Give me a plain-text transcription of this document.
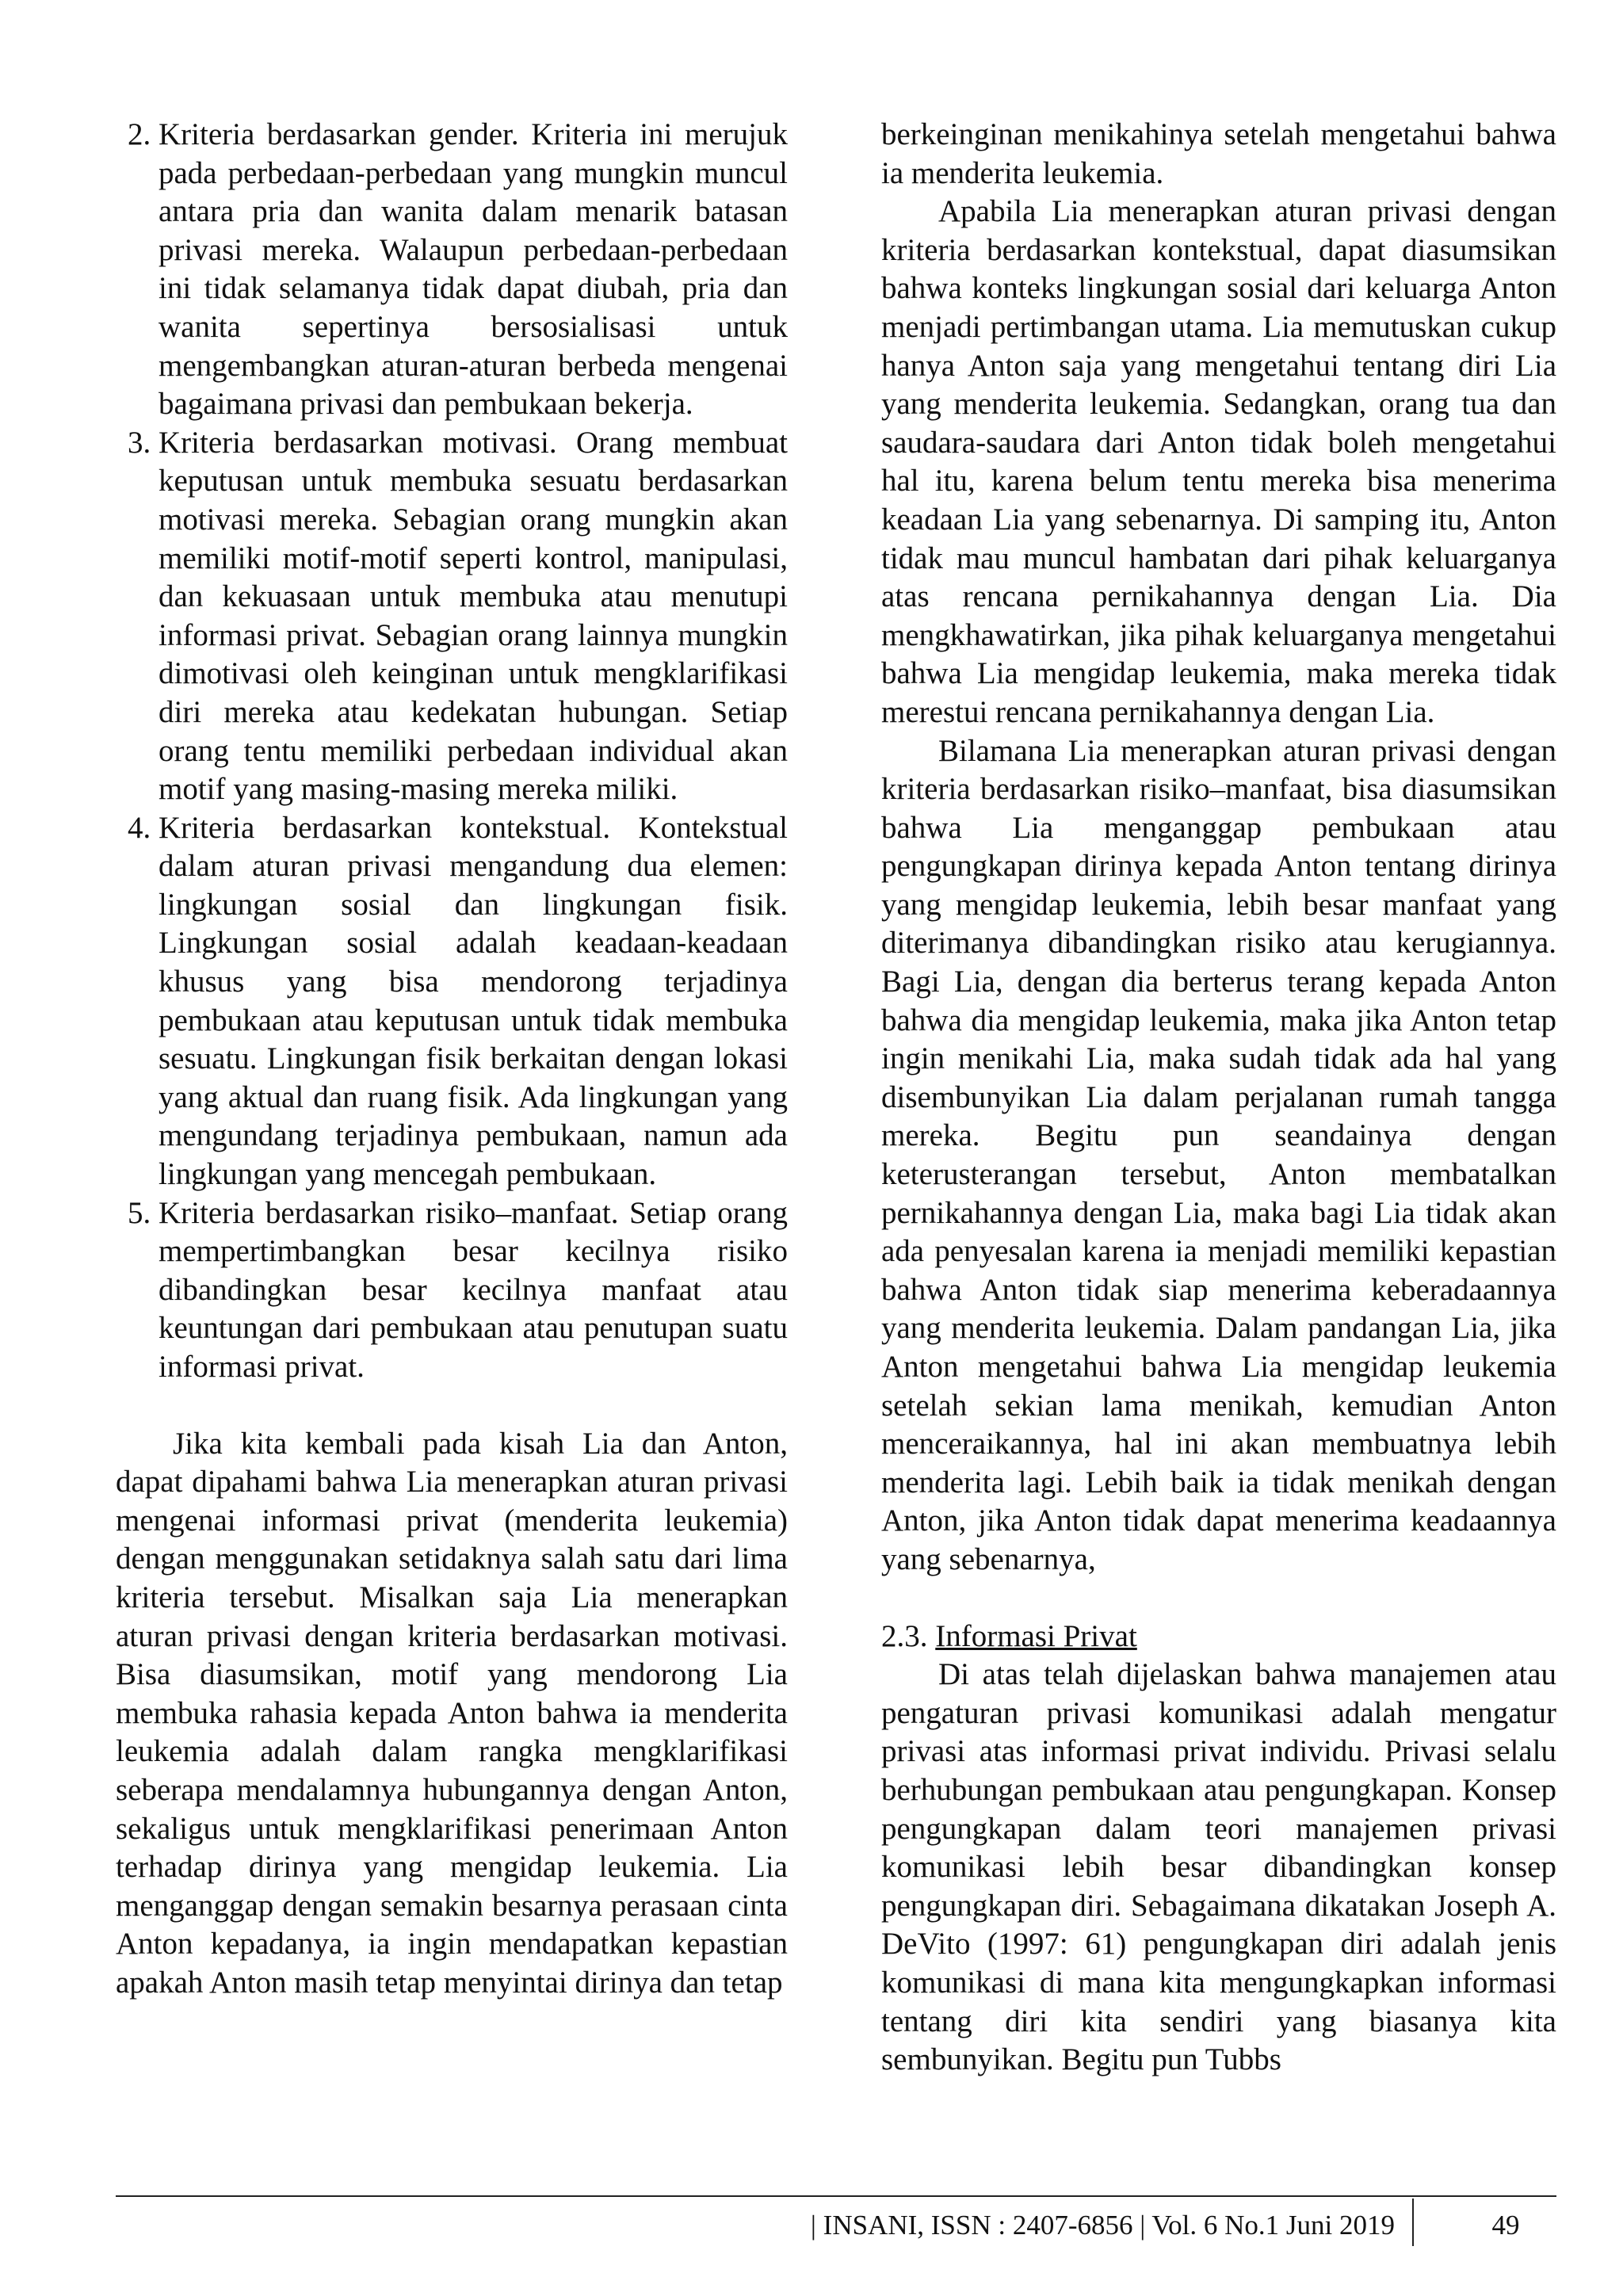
2. Kriteria berdasarkan gender. Kriteria ini merujuk pada perbedaan-perbedaan yang mungkin muncul antara pria dan wanita dalam menarik batasan privasi mereka. Walaupun perbedaan-perbedaan ini tidak selamanya tidak dapat diubah, pria dan wanita sepertinya bersosialisasi untuk mengembangkan aturan-aturan berbeda mengenai bagaimana privasi dan pembukaan bekerja.
3. Kriteria berdasarkan motivasi. Orang membuat keputusan untuk membuka sesuatu berdasarkan motivasi mereka. Sebagian orang mungkin akan memiliki motif-motif seperti kontrol, manipulasi, dan kekuasaan untuk membuka atau menutupi informasi privat. Sebagian orang lainnya mungkin dimotivasi oleh keinginan untuk mengklarifikasi diri mereka atau kedekatan hubungan. Setiap orang tentu memiliki perbedaan individual akan motif yang masing-masing mereka miliki.
4. Kriteria berdasarkan kontekstual. Kontekstual dalam aturan privasi mengandung dua elemen: lingkungan sosial dan lingkungan fisik. Lingkungan sosial adalah keadaan-keadaan khusus yang bisa mendorong terjadinya pembukaan atau keputusan untuk tidak membuka sesuatu. Lingkungan fisik berkaitan dengan lokasi yang aktual dan ruang fisik. Ada lingkungan yang mengundang terjadinya pembukaan, namun ada lingkungan yang mencegah pembukaan.
5. Kriteria berdasarkan risiko–manfaat. Setiap orang mempertimbangkan besar kecilnya risiko dibandingkan besar kecilnya manfaat atau keuntungan dari pembukaan atau penutupan suatu informasi privat.

Jika kita kembali pada kisah Lia dan Anton, dapat dipahami bahwa Lia menerapkan aturan privasi mengenai informasi privat (menderita leukemia) dengan menggunakan setidaknya salah satu dari lima kriteria tersebut. Misalkan saja Lia menerapkan aturan privasi dengan kriteria berdasarkan motivasi. Bisa diasumsikan, motif yang mendorong Lia membuka rahasia kepada Anton bahwa ia menderita leukemia adalah dalam rangka mengklarifikasi seberapa mendalamnya hubungannya dengan Anton, sekaligus untuk mengklarifikasi penerimaan Anton terhadap dirinya yang mengidap leukemia. Lia menganggap dengan semakin besarnya perasaan cinta Anton kepadanya, ia ingin mendapatkan kepastian apakah Anton masih tetap menyintai dirinya dan tetap

berkeinginan menikahinya setelah mengetahui bahwa ia menderita leukemia.

Apabila Lia menerapkan aturan privasi dengan kriteria berdasarkan kontekstual, dapat diasumsikan bahwa konteks lingkungan sosial dari keluarga Anton menjadi pertimbangan utama. Lia memutuskan cukup hanya Anton saja yang mengetahui tentang diri Lia yang menderita leukemia. Sedangkan, orang tua dan saudara-saudara dari Anton tidak boleh mengetahui hal itu, karena belum tentu mereka bisa menerima keadaan Lia yang sebenarnya. Di samping itu, Anton tidak mau muncul hambatan dari pihak keluarganya atas rencana pernikahannya dengan Lia. Dia mengkhawatirkan, jika pihak keluarganya mengetahui bahwa Lia mengidap leukemia, maka mereka tidak merestui rencana pernikahannya dengan Lia.

Bilamana Lia menerapkan aturan privasi dengan kriteria berdasarkan risiko–manfaat, bisa diasumsikan bahwa Lia menganggap pembukaan atau pengungkapan dirinya kepada Anton tentang dirinya yang mengidap leukemia, lebih besar manfaat yang diterimanya dibandingkan risiko atau kerugiannya. Bagi Lia, dengan dia berterus terang kepada Anton bahwa dia mengidap leukemia, maka jika Anton tetap ingin menikahi Lia, maka sudah tidak ada hal yang disembunyikan Lia dalam perjalanan rumah tangga mereka. Begitu pun seandainya dengan keterusterangan tersebut, Anton membatalkan pernikahannya dengan Lia, maka bagi Lia tidak akan ada penyesalan karena ia menjadi memiliki kepastian bahwa Anton tidak siap menerima keberadaannya yang menderita leukemia. Dalam pandangan Lia, jika Anton mengetahui bahwa Lia mengidap leukemia setelah sekian lama menikah, kemudian Anton menceraikannya, hal ini akan membuatnya lebih menderita lagi. Lebih baik ia tidak menikah dengan Anton, jika Anton tidak dapat menerima keadaannya yang sebenarnya,

2.3. Informasi Privat

Di atas telah dijelaskan bahwa manajemen atau pengaturan privasi komunikasi adalah mengatur privasi atas informasi privat individu. Privasi selalu berhubungan pembukaan atau pengungkapan. Konsep pengungkapan dalam teori manajemen privasi komunikasi lebih besar dibandingkan konsep pengungkapan diri. Sebagaimana dikatakan Joseph A. DeVito (1997: 61) pengungkapan diri adalah jenis komunikasi di mana kita mengungkapkan informasi tentang diri kita sendiri yang biasanya kita sembunyikan. Begitu pun Tubbs

| INSANI, ISSN : 2407-6856 | Vol. 6 No.1 Juni 2019	49
